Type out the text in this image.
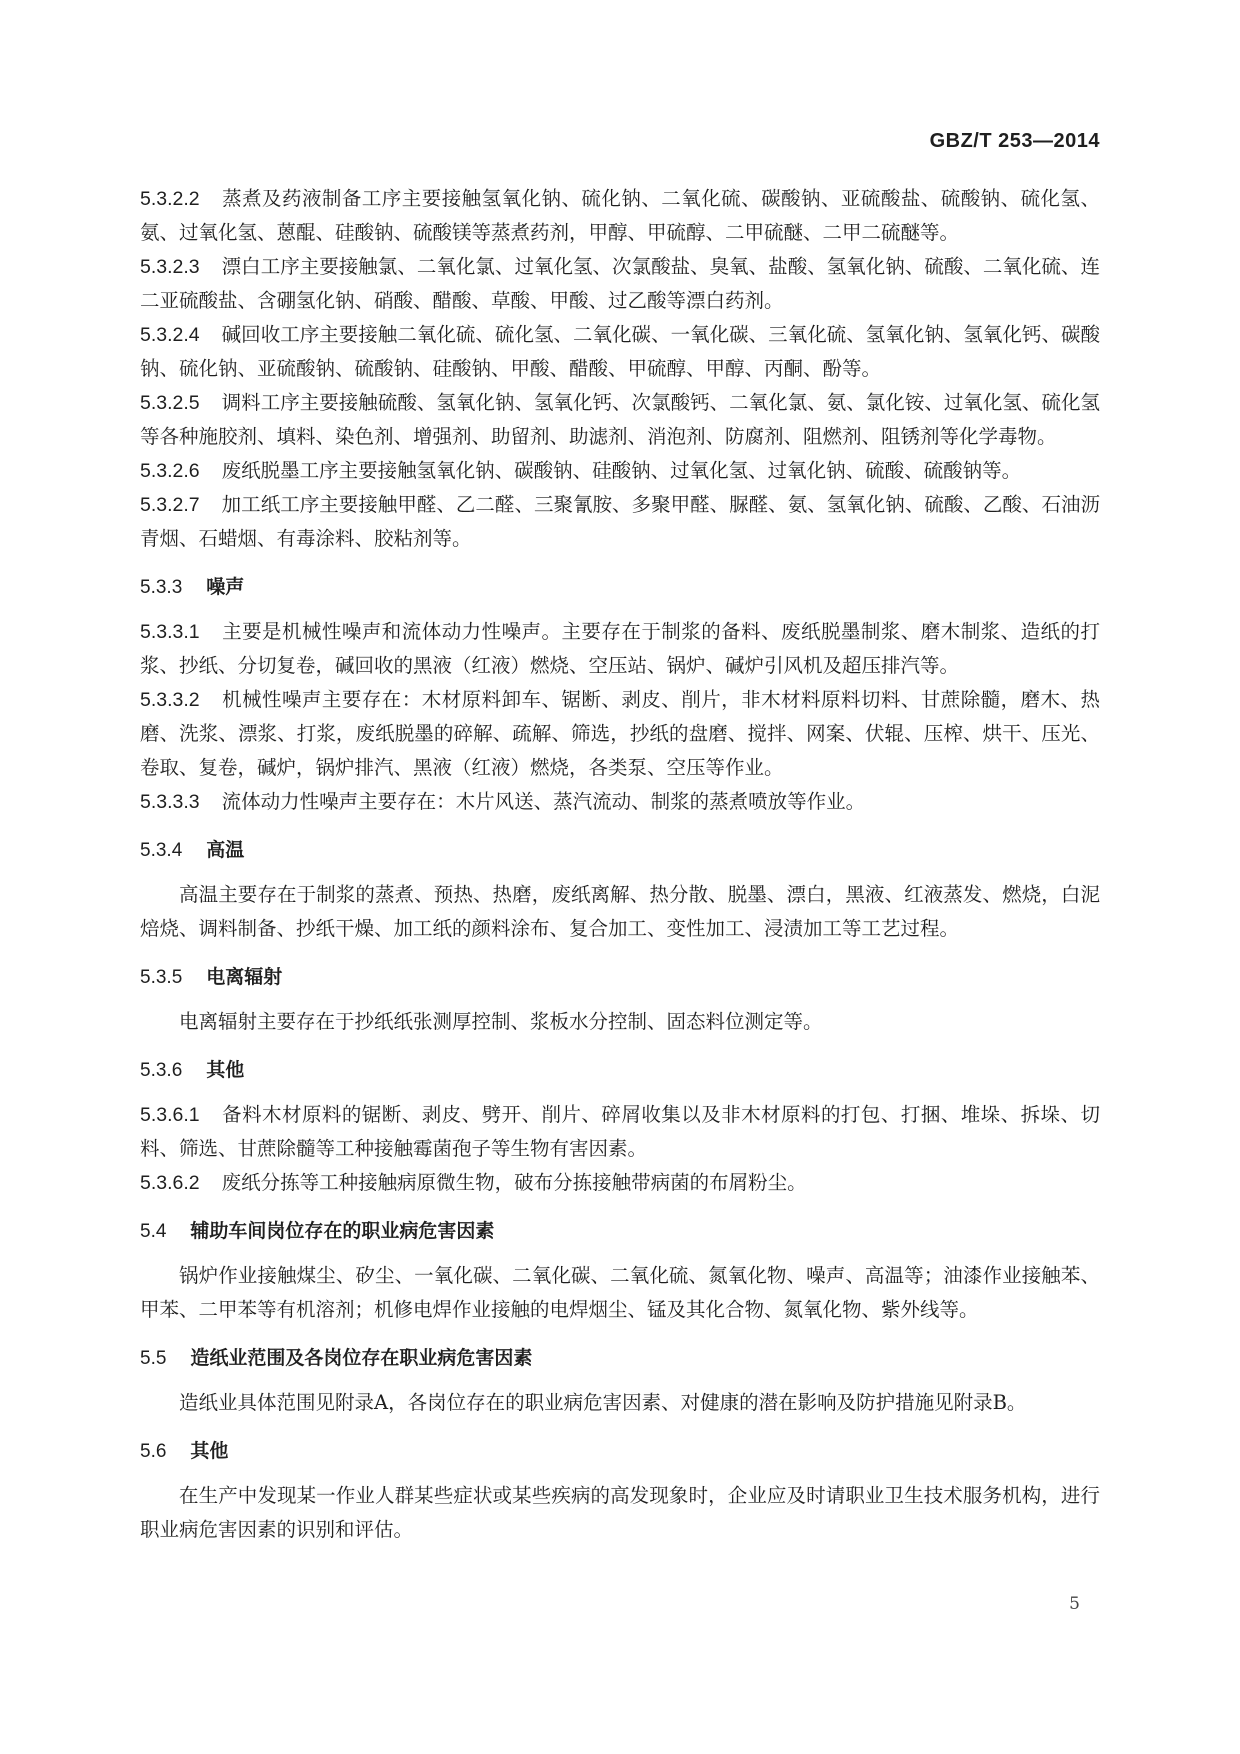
GBZ/T 253—2014

5.3.2.2 蒸煮及药液制备工序主要接触氢氧化钠、硫化钠、二氧化硫、碳酸钠、亚硫酸盐、硫酸钠、硫化氢、氨、过氧化氢、蒽醌、硅酸钠、硫酸镁等蒸煮药剂，甲醇、甲硫醇、二甲硫醚、二甲二硫醚等。

5.3.2.3 漂白工序主要接触氯、二氧化氯、过氧化氢、次氯酸盐、臭氧、盐酸、氢氧化钠、硫酸、二氧化硫、连二亚硫酸盐、含硼氢化钠、硝酸、醋酸、草酸、甲酸、过乙酸等漂白药剂。

5.3.2.4 碱回收工序主要接触二氧化硫、硫化氢、二氧化碳、一氧化碳、三氧化硫、氢氧化钠、氢氧化钙、碳酸钠、硫化钠、亚硫酸钠、硫酸钠、硅酸钠、甲酸、醋酸、甲硫醇、甲醇、丙酮、酚等。

5.3.2.5 调料工序主要接触硫酸、氢氧化钠、氢氧化钙、次氯酸钙、二氧化氯、氨、氯化铵、过氧化氢、硫化氢等各种施胶剂、填料、染色剂、增强剂、助留剂、助滤剂、消泡剂、防腐剂、阻燃剂、阻锈剂等化学毒物。

5.3.2.6 废纸脱墨工序主要接触氢氧化钠、碳酸钠、硅酸钠、过氧化氢、过氧化钠、硫酸、硫酸钠等。

5.3.2.7 加工纸工序主要接触甲醛、乙二醛、三聚氰胺、多聚甲醛、脲醛、氨、氢氧化钠、硫酸、乙酸、石油沥青烟、石蜡烟、有毒涂料、胶粘剂等。

5.3.3 噪声

5.3.3.1 主要是机械性噪声和流体动力性噪声。主要存在于制浆的备料、废纸脱墨制浆、磨木制浆、造纸的打浆、抄纸、分切复卷，碱回收的黑液（红液）燃烧、空压站、锅炉、碱炉引风机及超压排汽等。

5.3.3.2 机械性噪声主要存在：木材原料卸车、锯断、剥皮、削片，非木材料原料切料、甘蔗除髓，磨木、热磨、洗浆、漂浆、打浆，废纸脱墨的碎解、疏解、筛选，抄纸的盘磨、搅拌、网案、伏辊、压榨、烘干、压光、卷取、复卷，碱炉，锅炉排汽、黑液（红液）燃烧，各类泵、空压等作业。

5.3.3.3 流体动力性噪声主要存在：木片风送、蒸汽流动、制浆的蒸煮喷放等作业。

5.3.4 高温

高温主要存在于制浆的蒸煮、预热、热磨，废纸离解、热分散、脱墨、漂白，黑液、红液蒸发、燃烧，白泥焙烧、调料制备、抄纸干燥、加工纸的颜料涂布、复合加工、变性加工、浸渍加工等工艺过程。

5.3.5 电离辐射

电离辐射主要存在于抄纸纸张测厚控制、浆板水分控制、固态料位测定等。

5.3.6 其他

5.3.6.1 备料木材原料的锯断、剥皮、劈开、削片、碎屑收集以及非木材原料的打包、打捆、堆垛、拆垛、切料、筛选、甘蔗除髓等工种接触霉菌孢子等生物有害因素。

5.3.6.2 废纸分拣等工种接触病原微生物，破布分拣接触带病菌的布屑粉尘。

5.4 辅助车间岗位存在的职业病危害因素

锅炉作业接触煤尘、矽尘、一氧化碳、二氧化碳、二氧化硫、氮氧化物、噪声、高温等；油漆作业接触苯、甲苯、二甲苯等有机溶剂；机修电焊作业接触的电焊烟尘、锰及其化合物、氮氧化物、紫外线等。

5.5 造纸业范围及各岗位存在职业病危害因素

造纸业具体范围见附录A，各岗位存在的职业病危害因素、对健康的潜在影响及防护措施见附录B。

5.6 其他

在生产中发现某一作业人群某些症状或某些疾病的高发现象时，企业应及时请职业卫生技术服务机构，进行职业病危害因素的识别和评估。

5
